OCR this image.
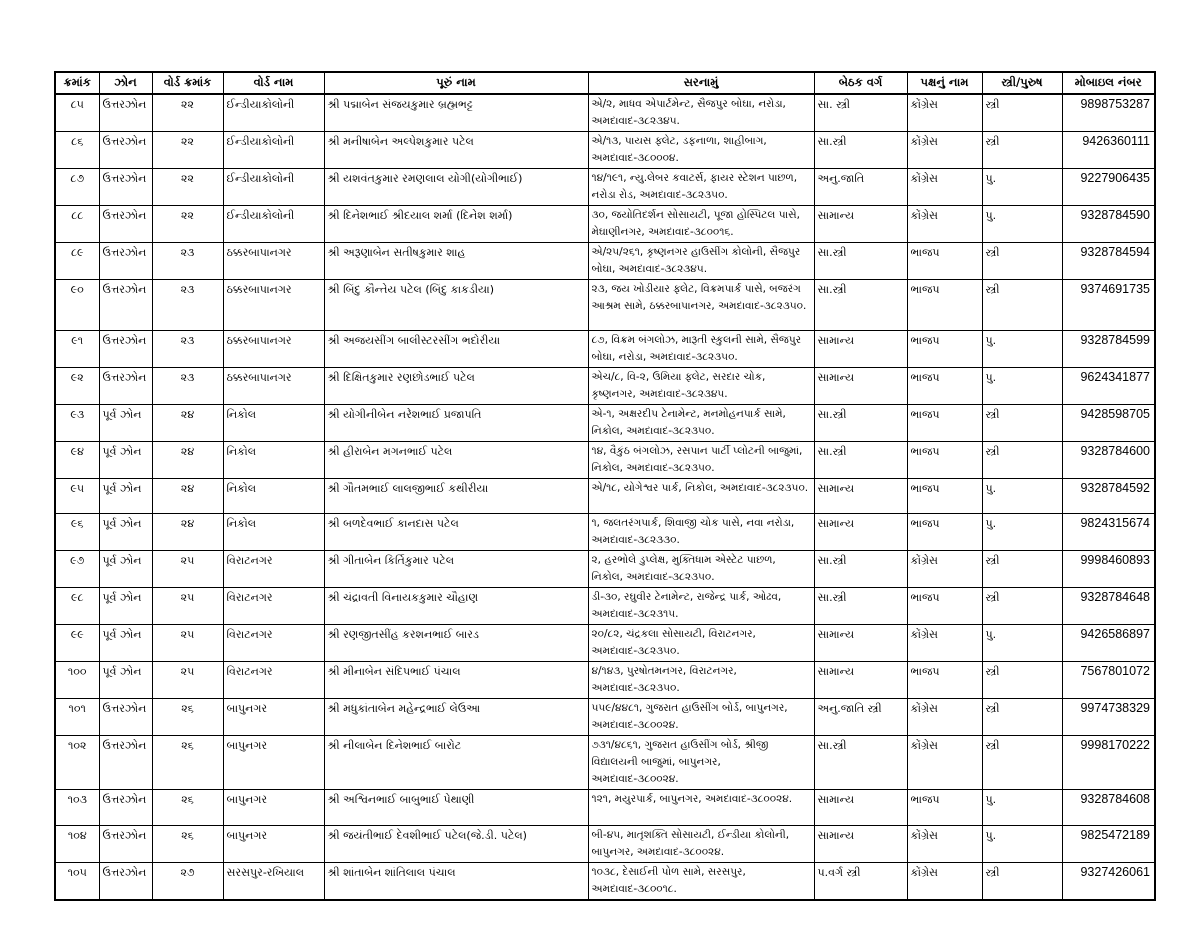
ક્રમાંક	ઝોન	વોર્ડ ક્રમાંક	વોર્ડ નામ	પૂરું નામ	સરનામું	બેઠક વર્ગ	પક્ષનું નામ	સ્ત્રી/પુરુષ	મોબાઇલ નંબર
૮૫	ઉત્તરઝોન	૨૨	ઈન્ડીયાકોલોની	શ્રી પદ્માબેન સંજયકુમાર બ્રહ્મભટ્ટ	એ/૨, માધવ એપાર્ટમેન્ટ, સૈજપુર બોઘા, નરોડા, અમદાવાદ-૩૮૨૩૪૫.	સા. સ્ત્રી	કોંગ્રેસ	સ્ત્રી	9898753287
૮૬	ઉત્તરઝોન	૨૨	ઈન્ડીયાકોલોની	શ્રી મનીષાબેન અલ્પેશકુમાર પટેલ	એ/૧૩, પાયસ ફ્લેટ, ડફનાળા, શાહીબાગ, અમદાવાદ-૩૮૦૦૦૪.	સા.સ્ત્રી	કોંગ્રેસ	સ્ત્રી	9426360111
૮૭	ઉત્તરઝોન	૨૨	ઈન્ડીયાકોલોની	શ્રી યશવંતકુમાર રમણલાલ યોગી(યોગીભાઈ)	૧૪/૧૯૧, ન્યુ.લેબર કવાટર્સ, ફાયર સ્ટેશન પાછળ, નરોડા રોડ, અમદાવાદ-૩૮૨૩૫૦.	અનુ.જાતિ	કોંગ્રેસ	પુ.	9227906435
૮૮	ઉત્તરઝોન	૨૨	ઈન્ડીયાકોલોની	શ્રી દિનેશભાઈ શ્રીદયાલ શર્મા (દિનેશ શર્મા)	૩૦, જયોતિદર્શન સોસાયટી, પૂજા હોસ્પિટલ પાસે, મેઘાણીનગર, અમદાવાદ-૩૮૦૦૧૬.	સામાન્ય	કોંગ્રેસ	પુ.	9328784590
૮૯	ઉત્તરઝોન	૨૩	ઠક્કરબાપાનગર	શ્રી અરૂણાબેન સતીષકુમાર શાહ	એ/૨૫/૨૬૧, કૃષ્ણનગર હાઉસીંગ કોલોની, સૈજપુર બોઘા, અમદાવાદ-૩૮૨૩૪૫.	સા.સ્ત્રી	ભાજપ	સ્ત્રી	9328784594
૯૦	ઉત્તરઝોન	૨૩	ઠક્કરબાપાનગર	શ્રી બિંદુ કૌન્તેય પટેલ (બિંદુ કાકડીયા)	૨૩, જય ખોડીયાર ફ્લેટ, વિક્રમપાર્ક પાસે, બજરંગ આશ્રમ સામે, ઠક્કરબાપાનગર, અમદાવાદ-૩૮૨૩૫૦.	સા.સ્ત્રી	ભાજપ	સ્ત્રી	9374691735
૯૧	ઉત્તરઝોન	૨૩	ઠક્કરબાપાનગર	શ્રી અજયસીંગ બાલીસ્ટરસીંગ ભદોરીયા	૮૭, વિક્રમ બંગલોઝ, મારૂતી સ્કુલની સામે, સૈજપુર બોઘા, નરોડા, અમદાવાદ-૩૮૨૩૫૦.	સામાન્ય	ભાજપ	પુ.	9328784599
૯૨	ઉત્તરઝોન	૨૩	ઠક્કરબાપાનગર	શ્રી દિક્ષિતકુમાર રણછોડભાઈ પટેલ	એચ/૮, વિ-૨, ઉમિયા ફ્લેટ, સરદાર ચોક, કૃષ્ણનગર, અમદાવાદ-૩૮૨૩૪૫.	સામાન્ય	ભાજપ	પુ.	9624341877
૯૩	પૂર્વ ઝોન	૨૪	નિકોલ	શ્રી યોગીનીબેન નરેશભાઈ પ્રજાપતિ	એ-૧, અક્ષરદીપ ટેનામેન્ટ, મનમોહનપાર્ક સામે, નિકોલ, અમદાવાદ-૩૮૨૩૫૦.	સા.સ્ત્રી	ભાજપ	સ્ત્રી	9428598705
૯૪	પૂર્વ ઝોન	૨૪	નિકોલ	શ્રી હીરાબેન મગનભાઈ પટેલ	૧૪, વૈકુંઠ બંગલોઝ, રસપાન પાર્ટી પ્લોટની બાજુમાં, નિકોલ, અમદાવાદ-૩૮૨૩૫૦.	સા.સ્ત્રી	ભાજપ	સ્ત્રી	9328784600
૯૫	પૂર્વ ઝોન	૨૪	નિકોલ	શ્રી ગૌતમભાઈ લાલજીભાઈ કથીરીયા	એ/૧૮, યોગેશ્વર પાર્ક, નિકોલ, અમદાવાદ-૩૮૨૩૫૦.	સામાન્ય	ભાજપ	પુ.	9328784592
૯૬	પૂર્વ ઝોન	૨૪	નિકોલ	શ્રી બળદેવભાઈ કાનદાસ પટેલ	૧, જલતરંગપાર્ક, શિવાજી ચોક પાસે, નવા નરોડા, અમદાવાદ-૩૮૨૩૩૦.	સામાન્ય	ભાજપ	પુ.	9824315674
૯૭	પૂર્વ ઝોન	૨૫	વિરાટનગર	શ્રી ગીતાબેન કિર્તિકુમાર પટેલ	૨, હરભોલે ડુપ્લેક્ષ, મુક્તિધામ એસ્ટેટ પાછળ, નિકોલ, અમદાવાદ-૩૮૨૩૫૦.	સા.સ્ત્રી	કોંગ્રેસ	સ્ત્રી	9998460893
૯૮	પૂર્વ ઝોન	૨૫	વિરાટનગર	શ્રી ચંદ્રાવતી વિનાયકકુમાર ચૌહાણ	ડી-૩૦, રઘુવીર ટેનામેન્ટ, રાજેન્દ્ર પાર્ક, ઓઢવ, અમદાવાદ-૩૮૨૩૧૫.	સા.સ્ત્રી	ભાજપ	સ્ત્રી	9328784648
૯૯	પૂર્વ ઝોન	૨૫	વિરાટનગર	શ્રી રણજીતસીંહ કરશનભાઈ બારડ	૨૦/૮૨, ચંદ્રકલા સોસાયટી, વિરાટનગર, અમદાવાદ-૩૮૨૩૫૦.	સામાન્ય	કોંગ્રેસ	પુ.	9426586897
૧૦૦	પૂર્વ ઝોન	૨૫	વિરાટનગર	શ્રી મીનાબેન સંદિપભાઈ પંચાલ	૪/૧૪૩, પુરષોતમનગર, વિરાટનગર, અમદાવાદ-૩૮૨૩૫૦.	સામાન્ય	ભાજપ	સ્ત્રી	7567801072
૧૦૧	ઉત્તરઝોન	૨૬	બાપુનગર	શ્રી મધુકાંતાબેન મહેન્દ્રભાઈ લેઉઆ	૫૫૯/૪૪૮૧, ગુજરાત હાઉસીંગ બોર્ડ, બાપુનગર, અમદાવાદ-૩૮૦૦૨૪.	અનુ.જાતિ સ્ત્રી	કોંગ્રેસ	સ્ત્રી	9974738329
૧૦૨	ઉત્તરઝોન	૨૬	બાપુનગર	શ્રી નીલાબેન દિનેશભાઈ બારોટ	૭૩૧/૪૮૬૧, ગુજરાત હાઉસીંગ બોર્ડ, શ્રીજી વિદ્યાલયની બાજુમાં, બાપુનગર, અમદાવાદ-૩૮૦૦૨૪.	સા.સ્ત્રી	કોંગ્રેસ	સ્ત્રી	9998170222
૧૦૩	ઉત્તરઝોન	૨૬	બાપુનગર	શ્રી અશ્વિનભાઈ બાબુભાઈ પેથાણી	૧૨૧, મયુરપાર્ક, બાપુનગર, અમદાવાદ-૩૮૦૦૨૪.	સામાન્ય	ભાજપ	પુ.	9328784608
૧૦૪	ઉત્તરઝોન	૨૬	બાપુનગર	શ્રી જયંતીભાઈ દેવશીભાઈ પટેલ(જે.ડી. પટેલ)	બી-૪૫, માતૃશક્તિ સોસાયટી, ઈન્ડીયા કોલોની, બાપુનગર, અમદાવાદ-૩૮૦૦૨૪.	સામાન્ય	કોંગ્રેસ	પુ.	9825472189
૧૦૫	ઉત્તરઝોન	૨૭	સરસપુર-રખિયાલ	શ્રી શાંતાબેન શાંતિલાલ પંચાલ	૧૦૩૮, દેસાઈની પોળ સામે, સરસપુર, અમદાવાદ-૩૮૦૦૧૮.	પ.વર્ગ સ્ત્રી	કોંગ્રેસ	સ્ત્રી	9327426061
